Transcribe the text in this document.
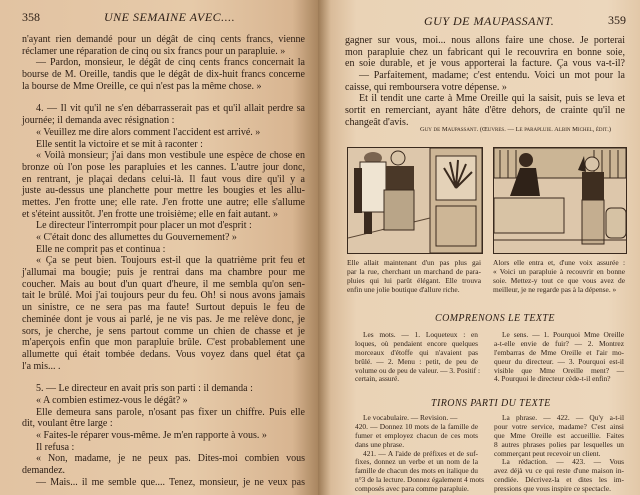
358	UNE SEMAINE AVEC....
n'ayant rien demandé pour un dégât de cinq cents francs, vienne
réclamer une réparation de cinq ou six francs pour un parapluie. »
— Pardon, monsieur, le dégât de cinq cents francs concernait la
bourse de M. Oreille, tandis que le dégât de dix-huit francs concerne
la bourse de Mme Oreille, ce qui n'est pas la même chose. »
4. — Il vit qu'il ne s'en débarrasserait pas et qu'il allait perdre sa
journée; il demanda avec résignation :
« Veuillez me dire alors comment l'accident est arrivé. »
Elle sentit la victoire et se mit à raconter :
« Voilà monsieur; j'ai dans mon vestibule une espèce de chose en
bronze où l'on pose les parapluies et les cannes. L'autre jour donc,
en rentrant, je plaçai dedans celui-là. Il faut vous dire qu'il y a
juste au-dessus une planchette pour mettre les bougies et les allu-
mettes. J'en frotte une; elle rate. J'en frotte une autre; elle s'allume
et s'éteint aussitôt. J'en frotte une troisième; elle en fait autant. »
Le directeur l'interrompit pour placer un mot d'esprit :
« C'était donc des allumettes du Gouvernement? »
Elle ne comprit pas et continua :
« Ça se peut bien. Toujours est-il que la quatrième prit feu et
j'allumai ma bougie; puis je rentrai dans ma chambre pour me
coucher. Mais au bout d'un quart d'heure, il me sembla qu'on sen-
tait le brûlé. Moi j'ai toujours peur du feu. Oh! si nous avons jamais
un sinistre, ce ne sera pas ma faute! Surtout depuis le feu de
cheminée dont je vous ai parlé, je ne vis pas. Je me relève donc, je
sors, je cherche, je sens partout comme un chien de chasse et je
m'aperçois enfin que mon parapluie brûle. C'est probablement une
allumette qui était tombée dedans. Vous voyez dans quel état ça
l'a mis... .
5. — Le directeur en avait pris son parti : il demanda :
« A combien estimez-vous le dégât? »
Elle demeura sans parole, n'osant pas fixer un chiffre. Puis elle
dit, voulant être large :
« Faites-le réparer vous-même. Je m'en rapporte à vous. »
Il refusa :
« Non, madame, je ne peux pas. Dites-moi combien vous
demandez.
— Mais... il me semble que.... Tenez, monsieur, je ne veux pas
GUY DE MAUPASSANT.	359
gagner sur vous, moi... nous allons faire une chose. Je porterai
mon parapluie chez un fabricant qui le recouvrira en bonne soie,
en soie durable, et je vous apporterai la facture. Ça vous va-t-il?
— Parfaitement, madame; c'est entendu. Voici un mot pour la
caisse, qui remboursera votre dépense. »
Et il tendit une carte à Mme Oreille qui la saisit, puis se leva et
sortit en remerciant, ayant hâte d'être dehors, de crainte qu'il ne
changeât d'avis.
Guy de Maupassant. (Œuvres. — Le parapluie. Albin Michel, édit.)
Elle allait maintenant d'un pas plus gai
par la rue, cherchant un marchand de para-
pluies qui lui parût élégant. Elle trouva
enfin une jolie boutique d'allure riche.
Alors elle entra et, d'une voix assurée :
« Voici un parapluie à recouvrir en bonne
soie. Mettez-y tout ce que vous avez de
meilleur, je ne regarde pas à la dépense. »
COMPRENONS LE TEXTE
Les mots. — 1. Loqueteux : en
loques, où pendaient encore quelques
morceaux d'étoffe qui n'avaient pas
brûlé. — 2. Menu : petit, de peu de
volume ou de peu de valeur. — 3. Positif :
certain, assuré.
Le sens. — 1. Pourquoi Mme Oreille
a-t-elle envie de fuir? — 2. Montrez
l'embarras de Mme Oreille et l'air mo-
queur du directeur. — 3. Pourquoi est-il
visible que Mme Oreille ment? —
4. Pourquoi le directeur cède-t-il enfin?
TIRONS PARTI DU TEXTE
Le vocabulaire. — Revision. —
420. — Donnez 10 mots de la famille de
fumer et employez chacun de ces mots
dans une phrase.
421. — A l'aide de préfixes et de suf-
fixes, donnez un verbe et un nom de la
famille de chacun des mots en italique du
n°3 de la lecture. Donnez également 4 mots
composés avec para comme parapluie.
La phrase. — 422. — Qu'y a-t-il
pour votre service, madame? C'est ainsi
que Mme Oreille est accueillie. Faites
8 autres phrases polies par lesquelles un
commerçant peut recevoir un client.
La rédaction. — 423. — Vous
avez déjà vu ce qui reste d'une maison in-
cendiée. Décrivez-la et dites les im-
pressions que vous inspire ce spectacle.
